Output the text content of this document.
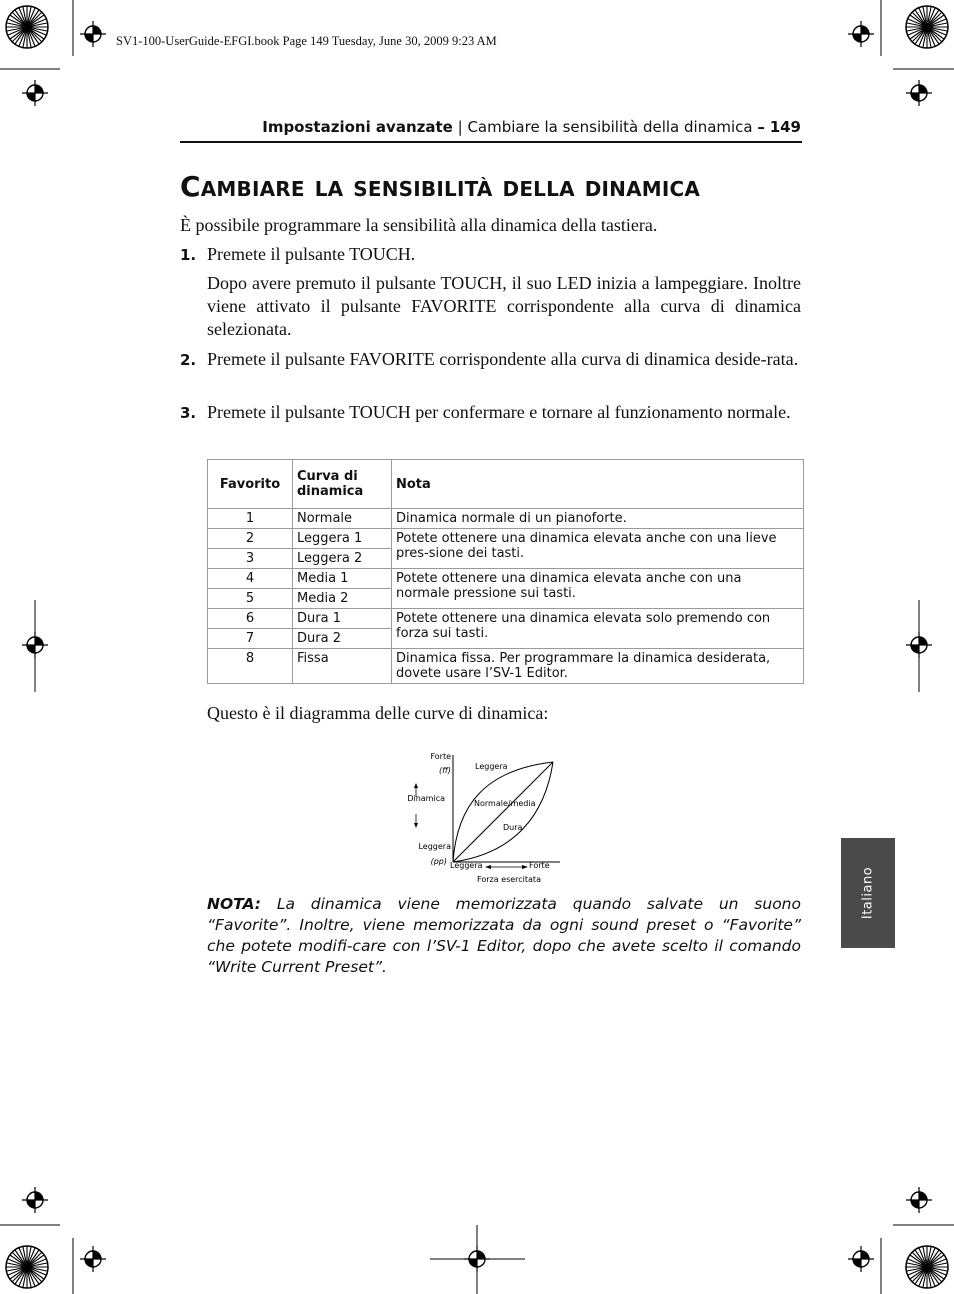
SV1-100-UserGuide-EFGI.book Page 149 Tuesday, June 30, 2009 9:23 AM
Impostazioni avanzate | Cambiare la sensibilità della dinamica – 149
Cambiare la sensibilità della dinamica
È possibile programmare la sensibilità alla dinamica della tastiera.
1. Premete il pulsante TOUCH.
Dopo avere premuto il pulsante TOUCH, il suo LED inizia a lampeggiare. Inoltre viene attivato il pulsante FAVORITE corrispondente alla curva di dinamica selezionata.
2. Premete il pulsante FAVORITE corrispondente alla curva di dinamica deside-rata.
3. Premete il pulsante TOUCH per confermare e tornare al funzionamento normale.
Favorito	Curva di dinamica	Nota
1	Normale	Dinamica normale di un pianoforte.
2	Leggera 1	Potete ottenere una dinamica elevata anche con una lieve pres-sione dei tasti.
3	Leggera 2	
4	Media 1	Potete ottenere una dinamica elevata anche con una normale pressione sui tasti.
5	Media 2	
6	Dura 1	Potete ottenere una dinamica elevata solo premendo con forza sui tasti.
7	Dura 2	
8	Fissa	Dinamica fissa. Per programmare la dinamica desiderata, dovete usare l’SV-1 Editor.
Questo è il diagramma delle curve di dinamica:
Forte
(ff)
Dinamica
Leggera
(pp) Leggera	Forte
Forza esercitata
Leggera
Normale/media
Dura
NOTA: La dinamica viene memorizzata quando salvate un suono “Favorite”. Inoltre, viene memorizzata da ogni sound preset o “Favorite” che potete modifi-care con l’SV-1 Editor, dopo che avete scelto il comando “Write Current Preset”.
Italiano
